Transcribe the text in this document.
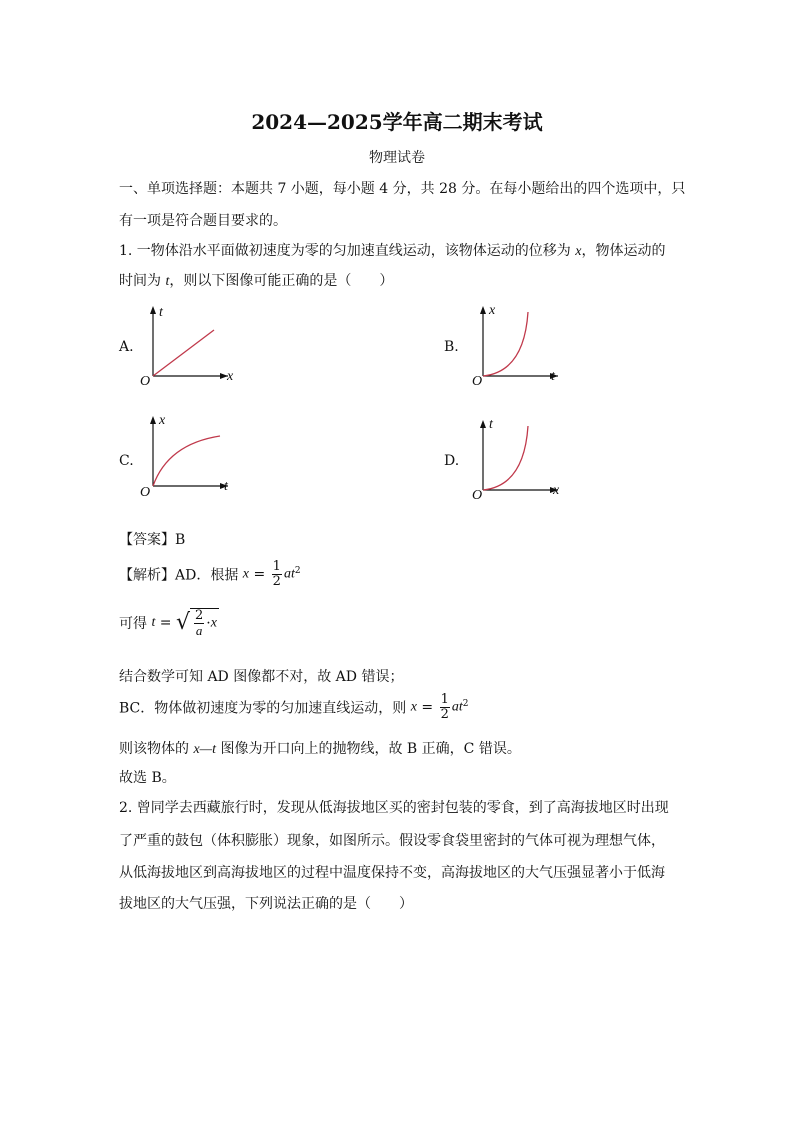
2024—2025学年高二期末考试
物理试卷
一、单项选择题：本题共 7 小题，每小题 4 分，共 28 分。在每小题给出的四个选项中，只
有一项是符合题目要求的。
1. 一物体沿水平面做初速度为零的匀加速直线运动，该物体运动的位移为 x，物体运动的
时间为 t，则以下图像可能正确的是（　　）
A.
t
x
O
B.
x
t
O
C.
x
t
O
D.
t
x
O
【答案】B
【解析】AD．根据 $x = \frac{1}{2} at^2$
可得 t = √ $\frac{2}{a} \cdot x$
结合数学可知 AD 图像都不对，故 AD 错误；
BC．物体做初速度为零的匀加速直线运动，则 $x = \frac{1}{2} at^2$
则该物体的 x—t 图像为开口向上的抛物线，故 B 正确，C 错误。
故选 B。
2. 曾同学去西藏旅行时，发现从低海拔地区买的密封包装的零食，到了高海拔地区时出现
了严重的鼓包（体积膨胀）现象，如图所示。假设零食袋里密封的气体可视为理想气体，
从低海拔地区到高海拔地区的过程中温度保持不变，高海拔地区的大气压强显著小于低海
拔地区的大气压强，下列说法正确的是（　　）
